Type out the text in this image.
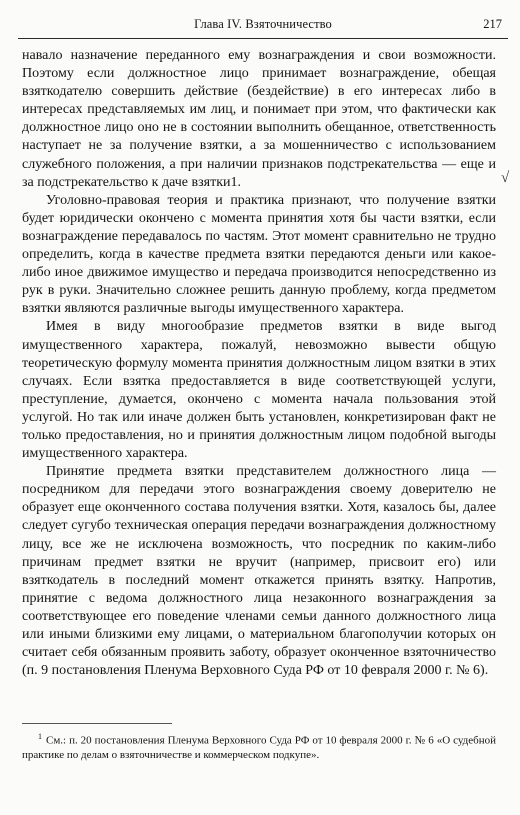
Глава IV. Взяточничество	217

навало назначение переданного ему вознаграждения и свои возможности. Поэтому если должностное лицо принимает вознаграждение, обещая взяткодателю совершить действие (бездействие) в его интересах либо в интересах представляемых им лиц, и понимает при этом, что фактически как должностное лицо оно не в состоянии выполнить обещанное, ответственность наступает не за получение взятки, а за мошенничество с использованием служебного положения, а при наличии признаков подстрекательства — еще и за подстрекательство к даче взятки1.

Уголовно-правовая теория и практика признают, что получение взятки будет юридически окончено с момента принятия хотя бы части взятки, если вознаграждение передавалось по частям. Этот момент сравнительно не трудно определить, когда в качестве предмета взятки передаются деньги или какое-либо иное движимое имущество и передача производится непосредственно из рук в руки. Значительно сложнее решить данную проблему, когда предметом взятки являются различные выгоды имущественного характера.

Имея в виду многообразие предметов взятки в виде выгод имущественного характера, пожалуй, невозможно вывести общую теоретическую формулу момента принятия должностным лицом взятки в этих случаях. Если взятка предоставляется в виде соответствующей услуги, преступление, думается, окончено с момента начала пользования этой услугой. Но так или иначе должен быть установлен, конкретизирован факт не только предоставления, но и принятия должностным лицом подобной выгоды имущественного характера.

Принятие предмета взятки представителем должностного лица — посредником для передачи этого вознаграждения своему доверителю не образует еще оконченного состава получения взятки. Хотя, казалось бы, далее следует сугубо техническая операция передачи вознаграждения должностному лицу, все же не исключена возможность, что посредник по каким-либо причинам предмет взятки не вручит (например, присвоит его) или взяткодатель в последний момент откажется принять взятку. Напротив, принятие с ведома должностного лица незаконного вознаграждения за соответствующее его поведение членами семьи данного должностного лица или иными близкими ему лицами, о материальном благополучии которых он считает себя обязанным проявить заботу, образует оконченное взяточничество (п. 9 постановления Пленума Верховного Суда РФ от 10 февраля 2000 г. № 6).

√
$^1$ См.: п. 20 постановления Пленума Верховного Суда РФ от 10 февраля 2000 г. № 6 «О судебной практике по делам о взяточничестве и коммерческом подкупе».
